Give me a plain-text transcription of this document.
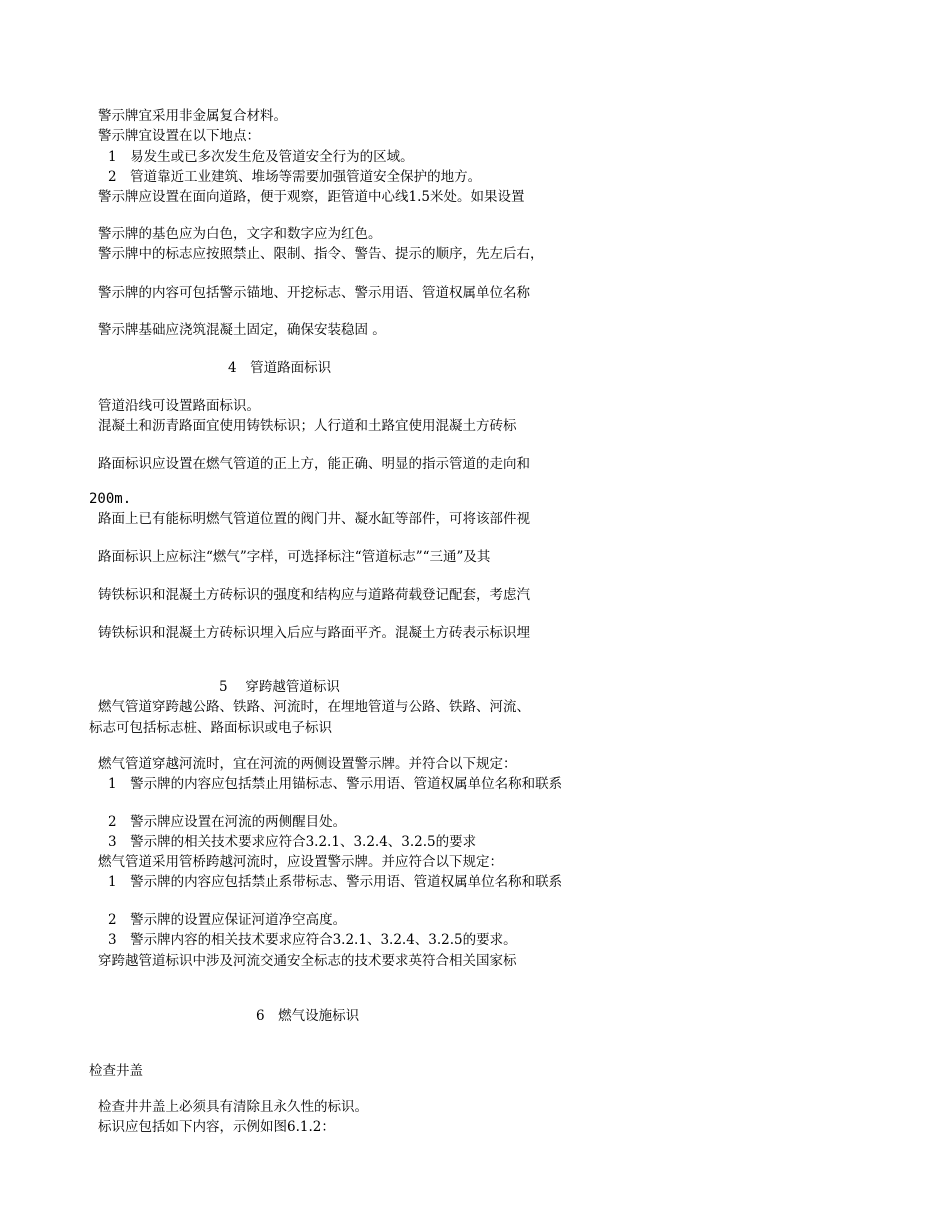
警示牌宜采用非金属复合材料。
警示牌宜设置在以下地点：
1　易发生或已多次发生危及管道安全行为的区域。
2　管道靠近工业建筑、堆场等需要加强管道安全保护的地方。
警示牌应设置在面向道路，便于观察，距管道中心线1.5米处。如果设置
警示牌的基色应为白色，文字和数字应为红色。
警示牌中的标志应按照禁止、限制、指令、警告、提示的顺序，先左后右，
警示牌的内容可包括警示锚地、开挖标志、警示用语、管道权属单位名称
警示牌基础应浇筑混凝土固定，确保安装稳固 。
4　管道路面标识
管道沿线可设置路面标识。
混凝土和沥青路面宜使用铸铁标识；人行道和土路宜使用混凝土方砖标
路面标识应设置在燃气管道的正上方，能正确、明显的指示管道的走向和
200m.
路面上已有能标明燃气管道位置的阀门井、凝水缸等部件，可将该部件视
路面标识上应标注“燃气”字样，可选择标注“管道标志”“三通”及其
铸铁标识和混凝土方砖标识的强度和结构应与道路荷载登记配套，考虑汽
铸铁标识和混凝土方砖标识埋入后应与路面平齐。混凝土方砖表示标识埋
5　 穿跨越管道标识
燃气管道穿跨越公路、铁路、河流时，在埋地管道与公路、铁路、河流、
标志可包括标志桩、路面标识或电子标识
燃气管道穿越河流时，宜在河流的两侧设置警示牌。并符合以下规定：
1　警示牌的内容应包括禁止用锚标志、警示用语、管道权属单位名称和联系
2　警示牌应设置在河流的两侧醒目处。
3　警示牌的相关技术要求应符合3.2.1、3.2.4、3.2.5的要求
燃气管道采用管桥跨越河流时，应设置警示牌。并应符合以下规定：
1　警示牌的内容应包括禁止系带标志、警示用语、管道权属单位名称和联系
2　警示牌的设置应保证河道净空高度。
3　警示牌内容的相关技术要求应符合3.2.1、3.2.4、3.2.5的要求。
穿跨越管道标识中涉及河流交通安全标志的技术要求英符合相关国家标
6　燃气设施标识
检查井盖
检查井井盖上必须具有清除且永久性的标识。
标识应包括如下内容，示例如图6.1.2：
